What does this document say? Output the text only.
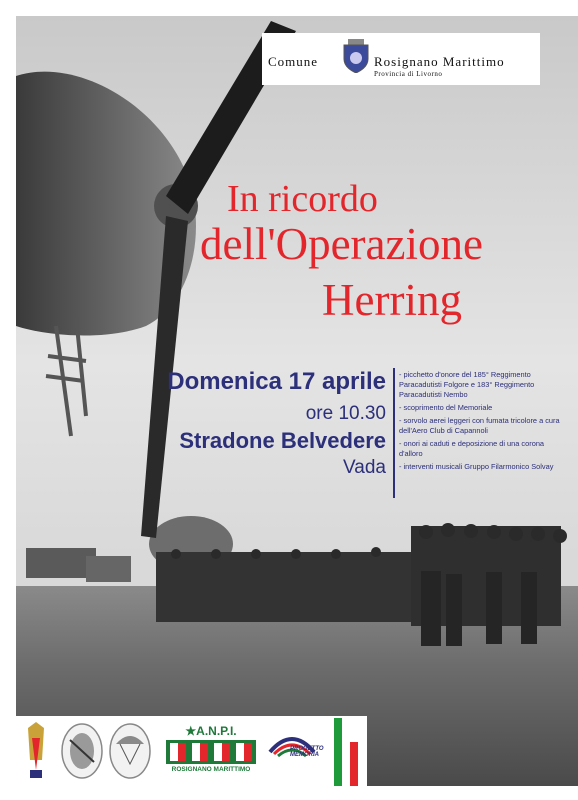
Comune	Rosignano Marittimo
Provincia di Livorno
In ricordo
dell'Operazione
Herring
Domenica 17 aprile
ore 10.30
Stradone Belvedere
Vada
- picchetto d'onore del 185° Reggimento Paracadutisti Folgore e 183° Reggimento Paracadutisti Nembo
- scoprimento del Memoriale
- sorvolo aerei leggeri con fumata tricolore a cura dell'Aero Club di Capannoli
- onori ai caduti e deposizione di una corona d'alloro
- interventi musicali Gruppo Filarmonico Solvay
★A.N.P.I.
ROSIGNANO MARITTIMO
PROGETTO
MEMORIA
